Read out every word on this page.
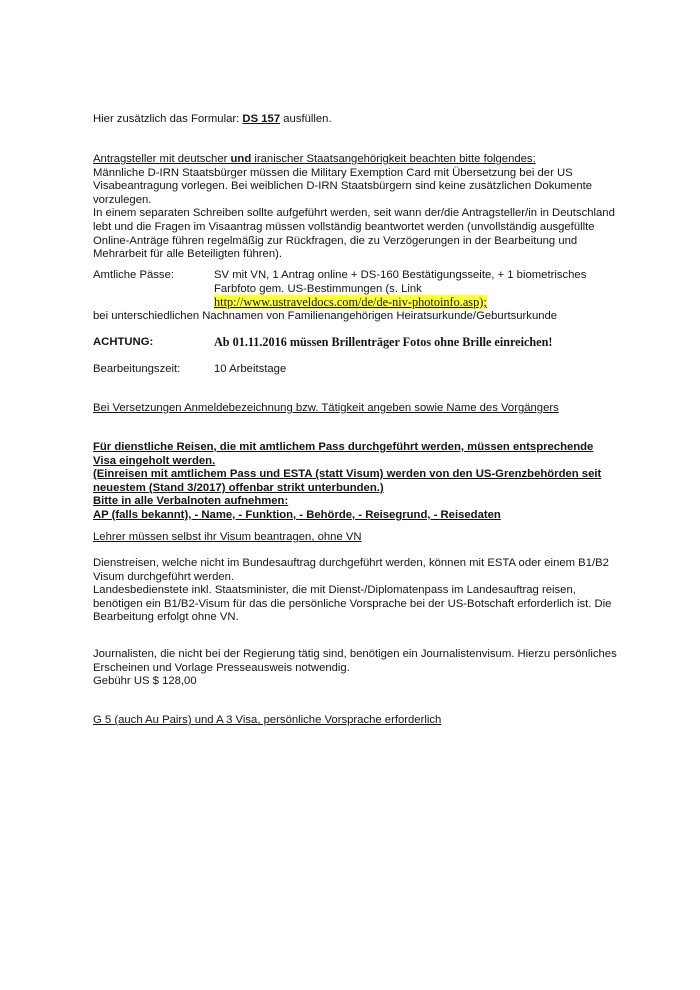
Hier zusätzlich das Formular: DS 157 ausfüllen.

Antragsteller mit deutscher und iranischer Staatsangehörigkeit beachten bitte folgendes:

Männliche D-IRN Staatsbürger müssen die Military Exemption Card mit Übersetzung bei der US Visabeantragung vorlegen. Bei weiblichen D-IRN Staatsbürgern sind keine zusätzlichen Dokumente vorzulegen.

In einem separaten Schreiben sollte aufgeführt werden, seit wann der/die Antragsteller/in in Deutschland lebt und die Fragen im Visaantrag müssen vollständig beantwortet werden (unvollständig ausgefüllte Online-Anträge führen regelmäßig zur Rückfragen, die zu Verzögerungen in der Bearbeitung und Mehrarbeit für alle Beteiligten führen).

Amtliche Pässe:	SV mit VN, 1 Antrag online + DS-160 Bestätigungsseite, + 1 biometrisches Farbfoto gem. US-Bestimmungen (s. Link
http://www.ustraveldocs.com/de/de-niv-photoinfo.asp);

bei unterschiedlichen Nachnamen von Familienangehörigen Heiratsurkunde/Geburtsurkunde

ACHTUNG:	Ab 01.11.2016 müssen Brillenträger Fotos ohne Brille einreichen!
Bearbeitungszeit:	10 Arbeitstage

Bei Versetzungen Anmeldebezeichnung bzw. Tätigkeit angeben sowie Name des Vorgängers

Für dienstliche Reisen, die mit amtlichem Pass durchgeführt werden, müssen entsprechende Visa eingeholt werden.

(Einreisen mit amtlichem Pass und ESTA (statt Visum) werden von den US-Grenzbehörden seit neuestem (Stand 3/2017) offenbar strikt unterbunden.)

Bitte in alle Verbalnoten aufnehmen:

AP (falls bekannt), - Name, - Funktion, - Behörde, - Reisegrund, - Reisedaten

Lehrer müssen selbst ihr Visum beantragen, ohne VN

Dienstreisen, welche nicht im Bundesauftrag durchgeführt werden, können mit ESTA oder einem B1/B2 Visum durchgeführt werden.

Landesbedienstete inkl. Staatsminister, die mit Dienst-/Diplomatenpass im Landesauftrag reisen, benötigen ein B1/B2-Visum für das die persönliche Vorsprache bei der US-Botschaft erforderlich ist. Die Bearbeitung erfolgt ohne VN.

Journalisten, die nicht bei der Regierung tätig sind, benötigen ein Journalistenvisum. Hierzu persönliches Erscheinen und Vorlage Presseausweis notwendig.

Gebühr US $ 128,00

G 5 (auch Au Pairs) und A 3 Visa, persönliche Vorsprache erforderlich
